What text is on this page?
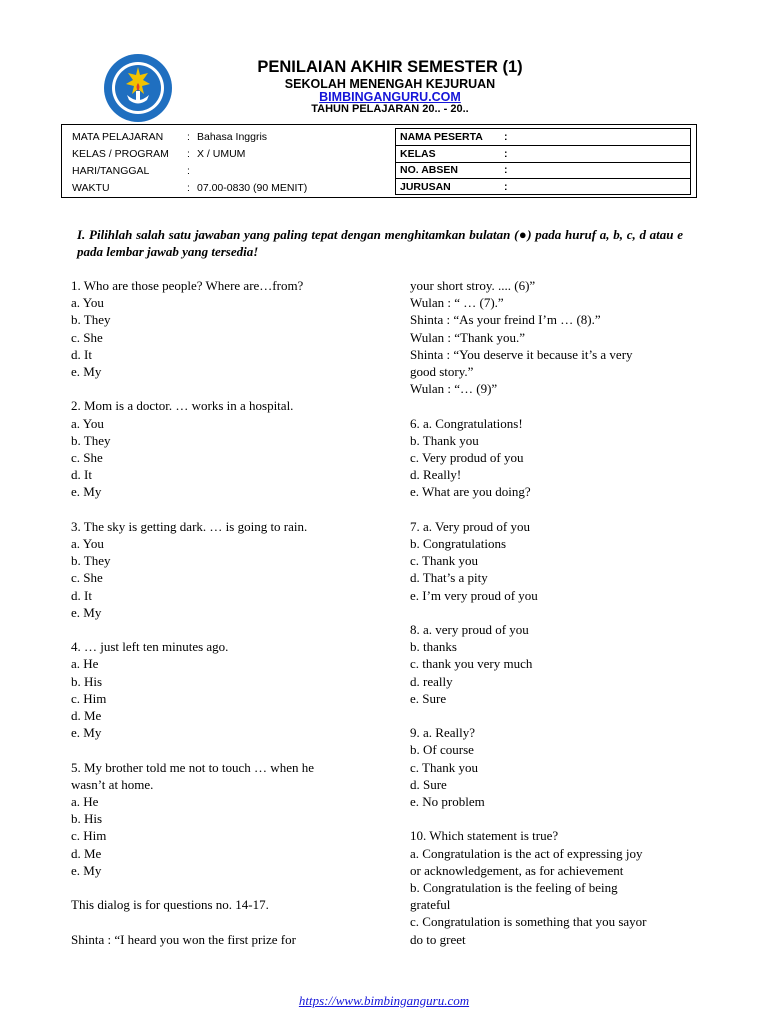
PENILAIAN AKHIR SEMESTER (1)
SEKOLAH MENENGAH KEJURUAN
BIMBINGANGURU.COM
TAHUN PELAJARAN 20.. - 20..
MATA PELAJARAN	: Bahasa Inggris
KELAS / PROGRAM	: X / UMUM
HARI/TANGGAL	:
WAKTU	: 07.00-0830 (90 MENIT)
NAMA PESERTA :
KELAS	:
NO. ABSEN	:
JURUSAN	:
I. Pilihlah salah satu jawaban yang paling tepat dengan menghitamkan bulatan (●) pada huruf a, b, c, d atau e pada lembar jawab yang tersedia!

1. Who are those people? Where are…from?

a. You

b. They

c. She

d. It

e. My

2. Mom is a doctor. … works in a hospital.

a. You

b. They

c. She

d. It

e. My

3. The sky is getting dark. … is going to rain.

a. You

b. They

c. She

d. It

e. My

4. … just left ten minutes ago.

a. He

b. His

c. Him

d. Me

e. My

5. My brother told me not to touch … when he

wasn’t at home.

a. He

b. His

c. Him

d. Me

e. My

This dialog is for questions no. 14-17.

Shinta : “I heard you won the first prize for

your short stroy. .... (6)”

Wulan : “ … (7).”

Shinta : “As your freind I’m … (8).”

Wulan : “Thank you.”

Shinta : “You deserve it because it’s a very

good story.”

Wulan : “… (9)”

6. a. Congratulations!

b. Thank you

c. Very produd of you

d. Really!

e. What are you doing?

7. a. Very proud of you

b. Congratulations

c. Thank you

d. That’s a pity

e. I’m very proud of you

8. a. very proud of you

b. thanks

c. thank you very much

d. really

e. Sure

9. a. Really?

b. Of course

c. Thank you

d. Sure

e. No problem

10. Which statement is true?

a. Congratulation is the act of expressing joy

or acknowledgement, as for achievement

b. Congratulation is the feeling of being

grateful

c. Congratulation is something that you sayor

do to greet

https://www.bimbinganguru.com
